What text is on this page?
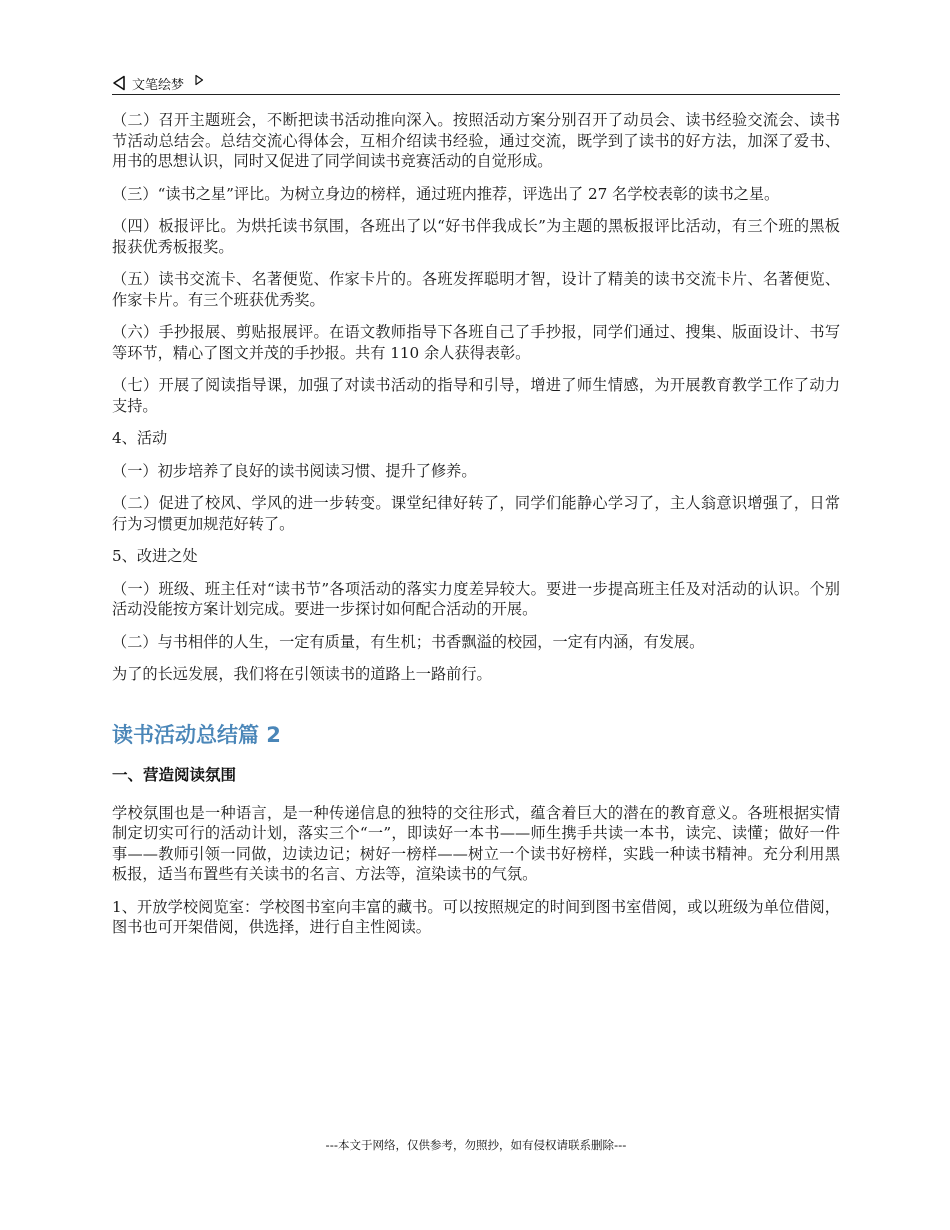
文笔绘梦

（二）召开主题班会，不断把读书活动推向深入。按照活动方案分别召开了动员会、读书经验交流会、读书节活动总结会。总结交流心得体会，互相介绍读书经验，通过交流，既学到了读书的好方法，加深了爱书、用书的思想认识，同时又促进了同学间读书竞赛活动的自觉形成。

（三）“读书之星”评比。为树立身边的榜样，通过班内推荐，评选出了 27 名学校表彰的读书之星。

（四）板报评比。为烘托读书氛围，各班出了以“好书伴我成长”为主题的黑板报评比活动，有三个班的黑板报获优秀板报奖。

（五）读书交流卡、名著便览、作家卡片的。各班发挥聪明才智，设计了精美的读书交流卡片、名著便览、作家卡片。有三个班获优秀奖。

（六）手抄报展、剪贴报展评。在语文教师指导下各班自己了手抄报，同学们通过、搜集、版面设计、书写等环节，精心了图文并茂的手抄报。共有 110 余人获得表彰。

（七）开展了阅读指导课，加强了对读书活动的指导和引导，增进了师生情感，为开展教育教学工作了动力支持。

4、活动

（一）初步培养了良好的读书阅读习惯、提升了修养。

（二）促进了校风、学风的进一步转变。课堂纪律好转了，同学们能静心学习了，主人翁意识增强了，日常行为习惯更加规范好转了。

5、改进之处

（一）班级、班主任对“读书节”各项活动的落实力度差异较大。要进一步提高班主任及对活动的认识。个别活动没能按方案计划完成。要进一步探讨如何配合活动的开展。

（二）与书相伴的人生，一定有质量，有生机；书香飘溢的校园，一定有内涵，有发展。

为了的长远发展，我们将在引领读书的道路上一路前行。

读书活动总结篇 2
一、营造阅读氛围

学校氛围也是一种语言，是一种传递信息的独特的交往形式，蕴含着巨大的潜在的教育意义。各班根据实情制定切实可行的活动计划，落实三个“一”，即读好一本书——师生携手共读一本书，读完、读懂；做好一件事——教师引领一同做，边读边记；树好一榜样——树立一个读书好榜样，实践一种读书精神。充分利用黑板报，适当布置些有关读书的名言、方法等，渲染读书的气氛。

1、开放学校阅览室：学校图书室向丰富的藏书。可以按照规定的时间到图书室借阅，或以班级为单位借阅，图书也可开架借阅，供选择，进行自主性阅读。

---本文于网络，仅供参考，勿照抄，如有侵权请联系删除---
